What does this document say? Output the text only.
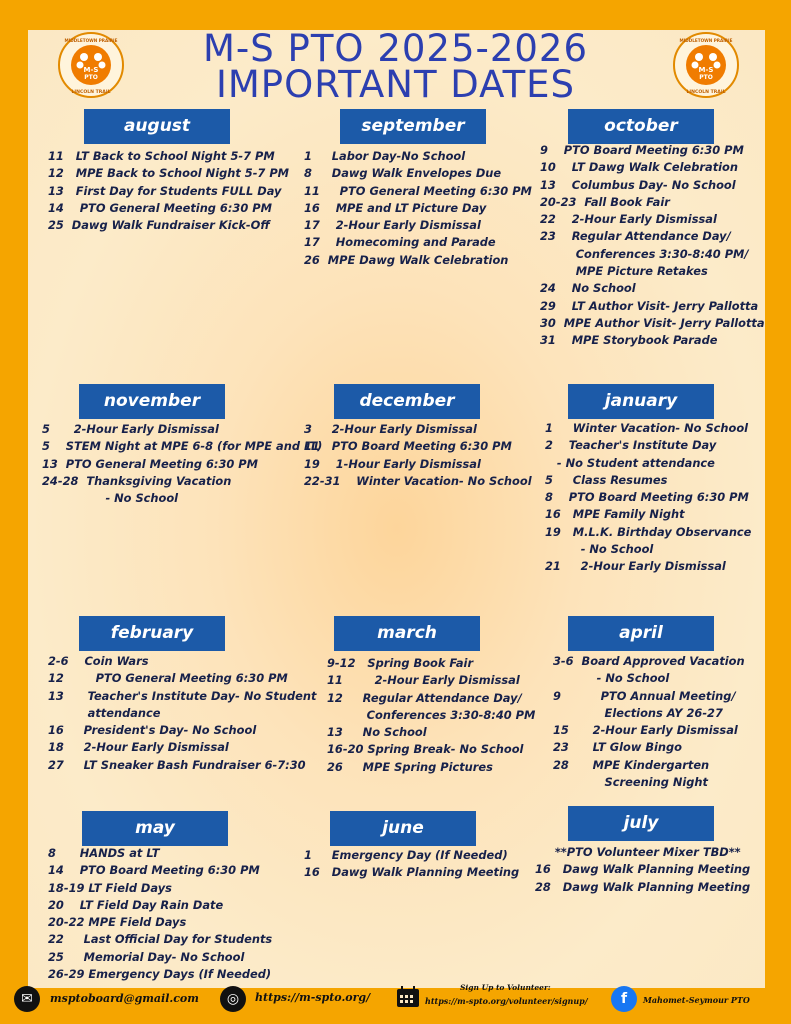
M-S
PTO
MIDDLETOWN PRAIRIE
LINCOLN TRAIL
M-S
PTO
MIDDLETOWN PRAIRIE
LINCOLN TRAIL
M-S PTO 2025-2026
IMPORTANT DATES
august
11   LT Back to School Night 5-7 PM
12   MPE Back to School Night 5-7 PM
13   First Day for Students FULL Day
14    PTO General Meeting 6:30 PM
25  Dawg Walk Fundraiser Kick-Off
september
1     Labor Day-No School
8     Dawg Walk Envelopes Due
11     PTO General Meeting 6:30 PM
16    MPE and LT Picture Day
17    2-Hour Early Dismissal
17    Homecoming and Parade
26  MPE Dawg Walk Celebration
october
9    PTO Board Meeting 6:30 PM
10    LT Dawg Walk Celebration
13    Columbus Day- No School
20-23  Fall Book Fair
22    2-Hour Early Dismissal
23    Regular Attendance Day/
Conferences 3:30-8:40 PM/
MPE Picture Retakes
24    No School
29    LT Author Visit- Jerry Pallotta
30  MPE Author Visit- Jerry Pallotta
31    MPE Storybook Parade
november
5      2-Hour Early Dismissal
5    STEM Night at MPE 6-8 (for MPE and LT)
13  PTO General Meeting 6:30 PM
24-28  Thanksgiving Vacation
- No School
december
3     2-Hour Early Dismissal
11   PTO Board Meeting 6:30 PM
19    1-Hour Early Dismissal
22-31    Winter Vacation- No School
january
1     Winter Vacation- No School
2    Teacher's Institute Day
- No Student attendance
5     Class Resumes
8    PTO Board Meeting 6:30 PM
16   MPE Family Night
19   M.L.K. Birthday Observance
- No School
21     2-Hour Early Dismissal
february
2-6    Coin Wars
12        PTO General Meeting 6:30 PM
13      Teacher's Institute Day- No Student
attendance
16     President's Day- No School
18     2-Hour Early Dismissal
27     LT Sneaker Bash Fundraiser 6-7:30
march
9-12   Spring Book Fair
11        2-Hour Early Dismissal
12     Regular Attendance Day/
Conferences 3:30-8:40 PM
13     No School
16-20 Spring Break- No School
26     MPE Spring Pictures
april
3-6  Board Approved Vacation
- No School
9          PTO Annual Meeting/
Elections AY 26-27
15      2-Hour Early Dismissal
23      LT Glow Bingo
28      MPE Kindergarten
Screening Night
may
8      HANDS at LT
14    PTO Board Meeting 6:30 PM
18-19 LT Field Days
20    LT Field Day Rain Date
20-22 MPE Field Days
22     Last Official Day for Students
25     Memorial Day- No School
26-29 Emergency Days (If Needed)
june
1     Emergency Day (If Needed)
16   Dawg Walk Planning Meeting
july
**PTO Volunteer Mixer TBD**
16   Dawg Walk Planning Meeting
28   Dawg Walk Planning Meeting
✉	msptoboard@gmail.com	◎	https://m-spto.org/
Sign Up to Volunteer:
https://m-spto.org/volunteer/signup/	f	Mahomet-Seymour PTO
